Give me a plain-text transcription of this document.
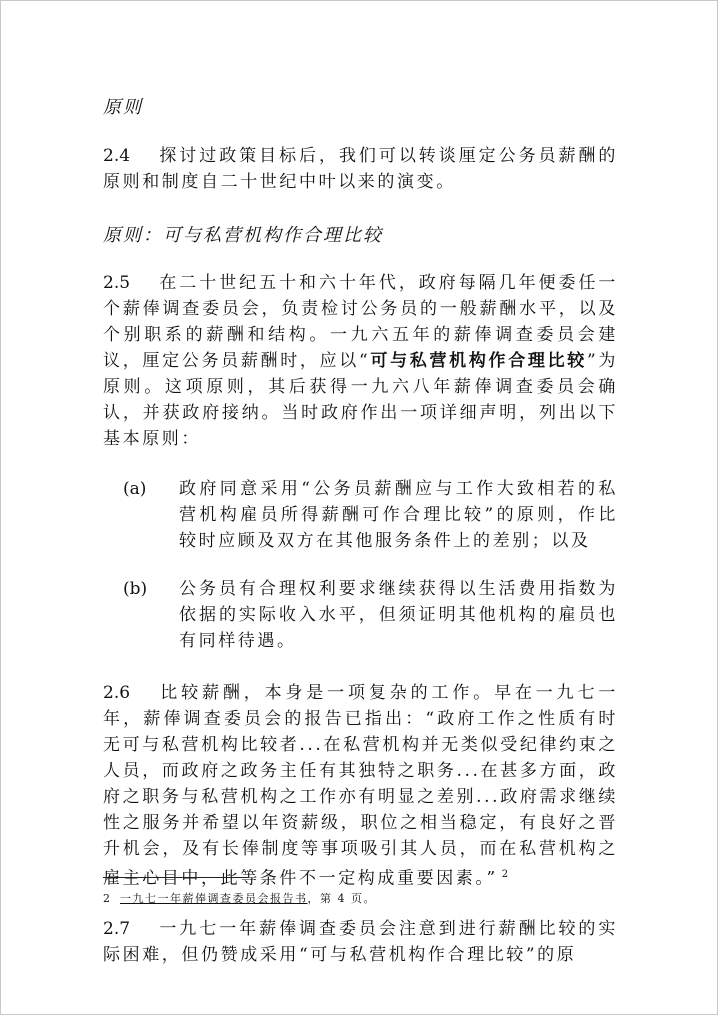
原则

2.4 探讨过政策目标后，我们可以转谈厘定公务员薪酬的原则和制度自二十世纪中叶以来的演变。

原则：可与私营机构作合理比较

2.5 在二十世纪五十和六十年代，政府每隔几年便委任一个薪俸调查委员会，负责检讨公务员的一般薪酬水平，以及个别职系的薪酬和结构。一九六五年的薪俸调查委员会建议，厘定公务员薪酬时，应以“可与私营机构作合理比较”为原则。这项原则，其后获得一九六八年薪俸调查委员会确认，并获政府接纳。当时政府作出一项详细声明，列出以下基本原则：

(a) 政府同意采用“公务员薪酬应与工作大致相若的私营机构雇员所得薪酬可作合理比较”的原则，作比较时应顾及双方在其他服务条件上的差别；以及
(b) 公务员有合理权利要求继续获得以生活费用指数为依据的实际收入水平，但须证明其他机构的雇员也有同样待遇。

2.6 比较薪酬，本身是一项复杂的工作。早在一九七一年，薪俸调查委员会的报告已指出：“政府工作之性质有时无可与私营机构比较者...在私营机构并无类似受纪律约束之人员，而政府之政务主任有其独特之职务...在甚多方面，政府之职务与私营机构之工作亦有明显之差别...政府需求继续性之服务并希望以年资薪级，职位之相当稳定，有良好之晋升机会，及有长俸制度等事项吸引其人员，而在私营机构之雇主心目中，此等条件不一定构成重要因素。” $^2$

2.7 一九七一年薪俸调查委员会注意到进行薪酬比较的实际困难，但仍赞成采用“可与私营机构作合理比较”的原

2 一九七一年薪俸调查委员会报告书，第 4 页。
